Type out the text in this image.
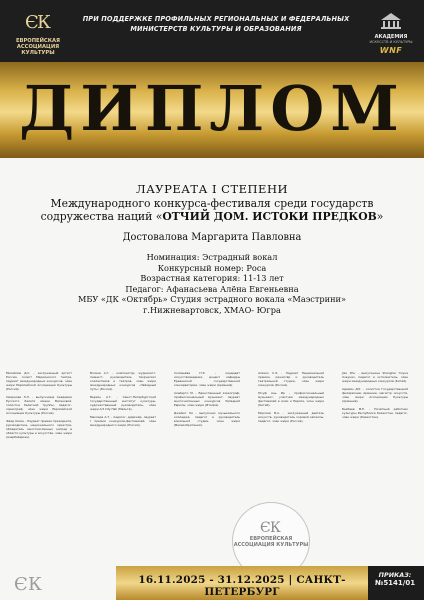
Є
К
ЕВРОПЕЙСКАЯ АССОЦИАЦИЯ КУЛЬТУРЫ
ПРИ ПОДДЕРЖКЕ ПРОФИЛЬНЫХ РЕГИОНАЛЬНЫХ И ФЕДЕРАЛЬНЫХ
МИНИСТЕРСТВ КУЛЬТУРЫ И ОБРАЗОВАНИЯ
АКАДЕМИЯ
ИСКУССТВ И КУЛЬТУРЫ
WNF
ДИПЛОМ
ЛАУРЕАТА I СТЕПЕНИ
Международного конкурса-фестиваля среди государств
содружества наций «ОТЧИЙ ДОМ. ИСТОКИ ПРЕДКОВ»
Достовалова Маргарита Павловна
Номинация: Эстрадный вокал
Конкурсный номер: Роса
Возрастная категория: 11-13 лет
Педагог: Афанасьева Алёна Евгеньевна
МБУ «ДК «Октябрь» Студия эстрадного вокала «Маэстрини»
г.Нижневартовск, ХМАО- Югра

Михайлов Д.С. - заслуженный артист России, солист Мариинского театра, лауреат международных конкурсов, член жюри Европейской Ассоциации Культуры (Россия).

Смирнова Э.Л. - выпускница Академии Русского балета имени Вагановой, солистка балетной труппы, педагог-хореограф, член жюри Европейской Ассоциации Культуры (Россия).

Фаяд Хасан - Лауреат премии президента, руководитель национального оркестра, обладатель многочисленных наград в области культуры и искусства, член жюри (Азербайджан).

Волков А.Г. - композитор, журналист, пианист, руководитель творческих коллективов и театров, член жюри международных конкурсов «Звёздный путь» (Россия).

Верель А.Г. - Санкт-Петербургский государственный институт культуры, художественный руководитель, член жюри Art City Hall (Мальта).

Маклера А.Т. - педагог, дирижёр, лауреат I премии конкурсов-фестивалей, член международного жюри (Россия).

Соловьёва Н.Э. - кандидат искусствоведения, доцент кафедры Ереванской государственной консерватории, член жюри (Армения).

Альберто М. - Единственный хореограф, профессиональный музыкант, лауреат многочисленных конкурсов Западной Европы, член жюри (Италия).

Джеймс Ли - выпускник музыкального колледжа, педагог и руководитель вокальной студии, член жюри (Великобритания).

Алечко С.Э. - Лауреат Национальной премии, режиссёр и руководитель театральной студии, член жюри конкурсов (Россия).

Юсуф Ань Ир - профессиональный музыкант, участник международных фестивалей в Азии и Европе, член жюри (Китай).

Морозов В.А. - заслуженный деятель искусств, руководитель хоровой капеллы, педагог, член жюри (Россия).

Jiao Zhu - выпускница Shanghai Yinyue Xueyuan, педагог и исполнитель, член жюри международных конкурсов (Китай).

Адамян Д.Р. - солистка Государственной филармонии Армении, магистр искусств, член жюри Ассоциации Культуры (Армения).

Бекбаев М.Е. - Почётный работник культуры Республики Казахстан, педагог, член жюри (Казахстан).

Є К
ЕВРОПЕЙСКАЯ АССОЦИАЦИЯ КУЛЬТУРЫ
Є К	16.11.2025 - 31.12.2025 | САНКТ-ПЕТЕРБУРГ
ПРИКАЗ:
№5141/01
